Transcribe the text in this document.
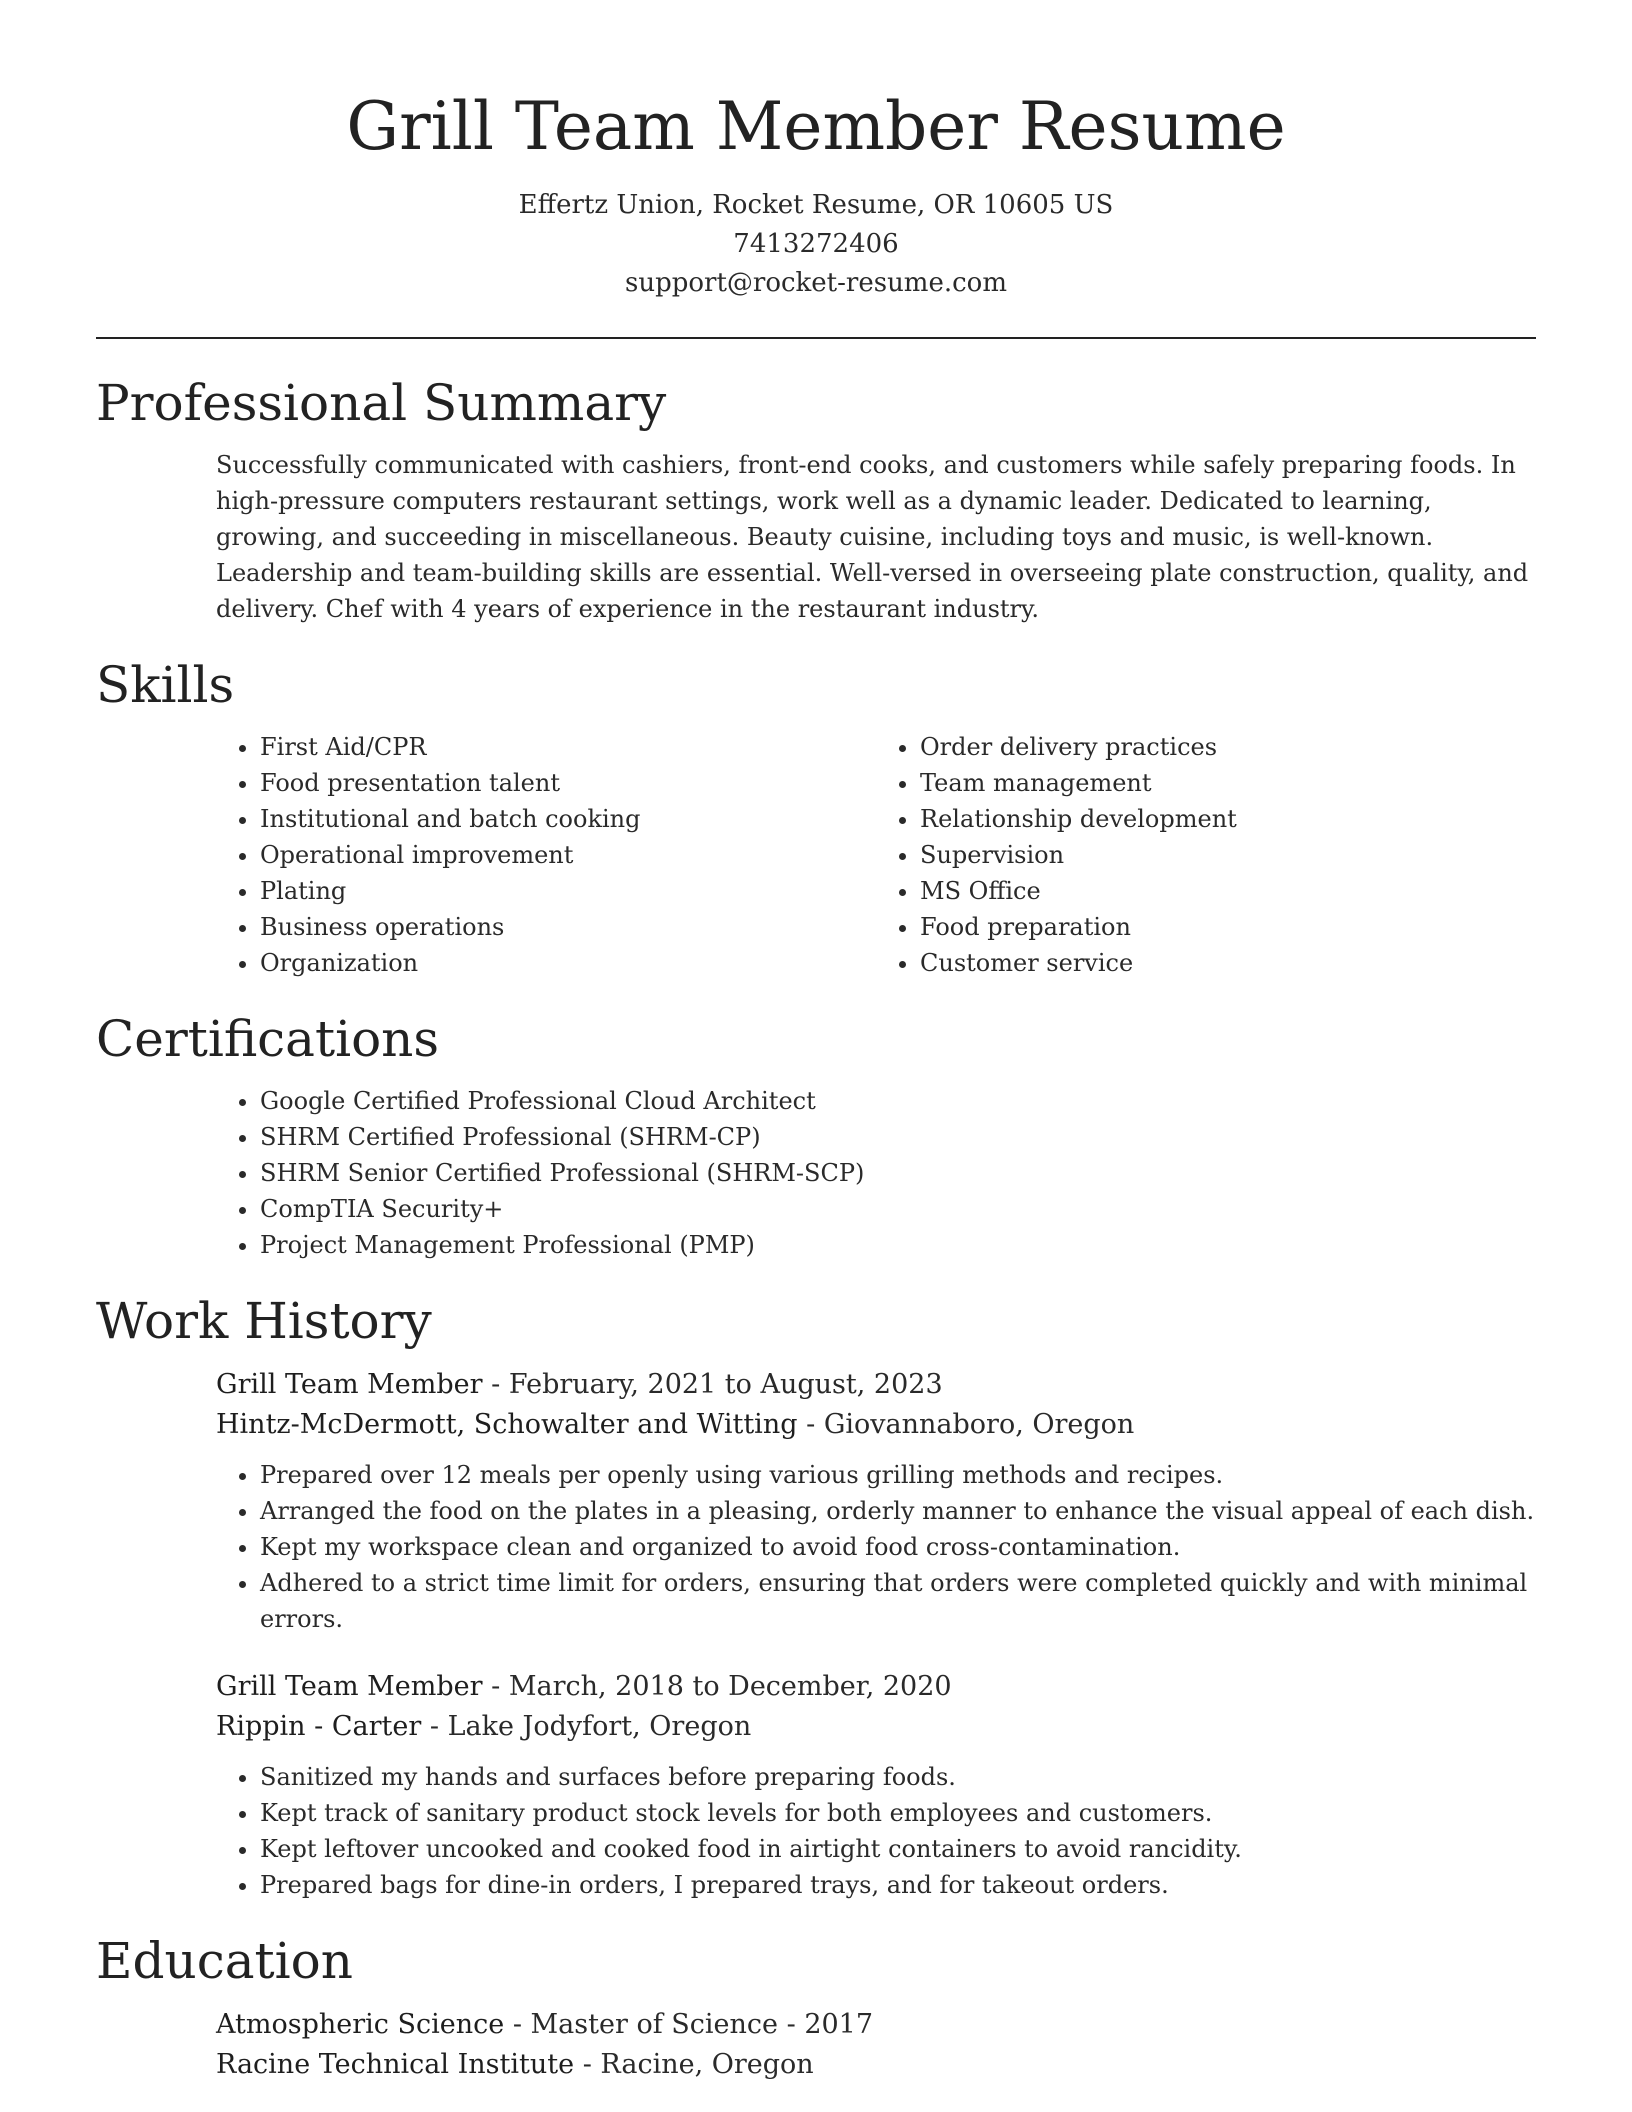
Grill Team Member Resume
Effertz Union, Rocket Resume, OR 10605 US
7413272406
support@rocket-resume.com
Professional Summary

Successfully communicated with cashiers, front-end cooks, and customers while safely preparing foods. In high-pressure computers restaurant settings, work well as a dynamic leader. Dedicated to learning, growing, and succeeding in miscellaneous. Beauty cuisine, including toys and music, is well-known. Leadership and team-building skills are essential. Well-versed in overseeing plate construction, quality, and delivery. Chef with 4 years of experience in the restaurant industry.

Skills
• First Aid/CPR
• Food presentation talent
• Institutional and batch cooking
• Operational improvement
• Plating
• Business operations
• Organization
• Order delivery practices
• Team management
• Relationship development
• Supervision
• MS Office
• Food preparation
• Customer service
Certifications
• Google Certified Professional Cloud Architect
• SHRM Certified Professional (SHRM-CP)
• SHRM Senior Certified Professional (SHRM-SCP)
• CompTIA Security+
• Project Management Professional (PMP)
Work History
Grill Team Member - February, 2021 to August, 2023
Hintz-McDermott, Schowalter and Witting - Giovannaboro, Oregon
• Prepared over 12 meals per openly using various grilling methods and recipes.
• Arranged the food on the plates in a pleasing, orderly manner to enhance the visual appeal of each dish.
• Kept my workspace clean and organized to avoid food cross-contamination.
• Adhered to a strict time limit for orders, ensuring that orders were completed quickly and with minimal errors.
Grill Team Member - March, 2018 to December, 2020
Rippin - Carter - Lake Jodyfort, Oregon
• Sanitized my hands and surfaces before preparing foods.
• Kept track of sanitary product stock levels for both employees and customers.
• Kept leftover uncooked and cooked food in airtight containers to avoid rancidity.
• Prepared bags for dine-in orders, I prepared trays, and for takeout orders.
Education
Atmospheric Science - Master of Science - 2017
Racine Technical Institute - Racine, Oregon
